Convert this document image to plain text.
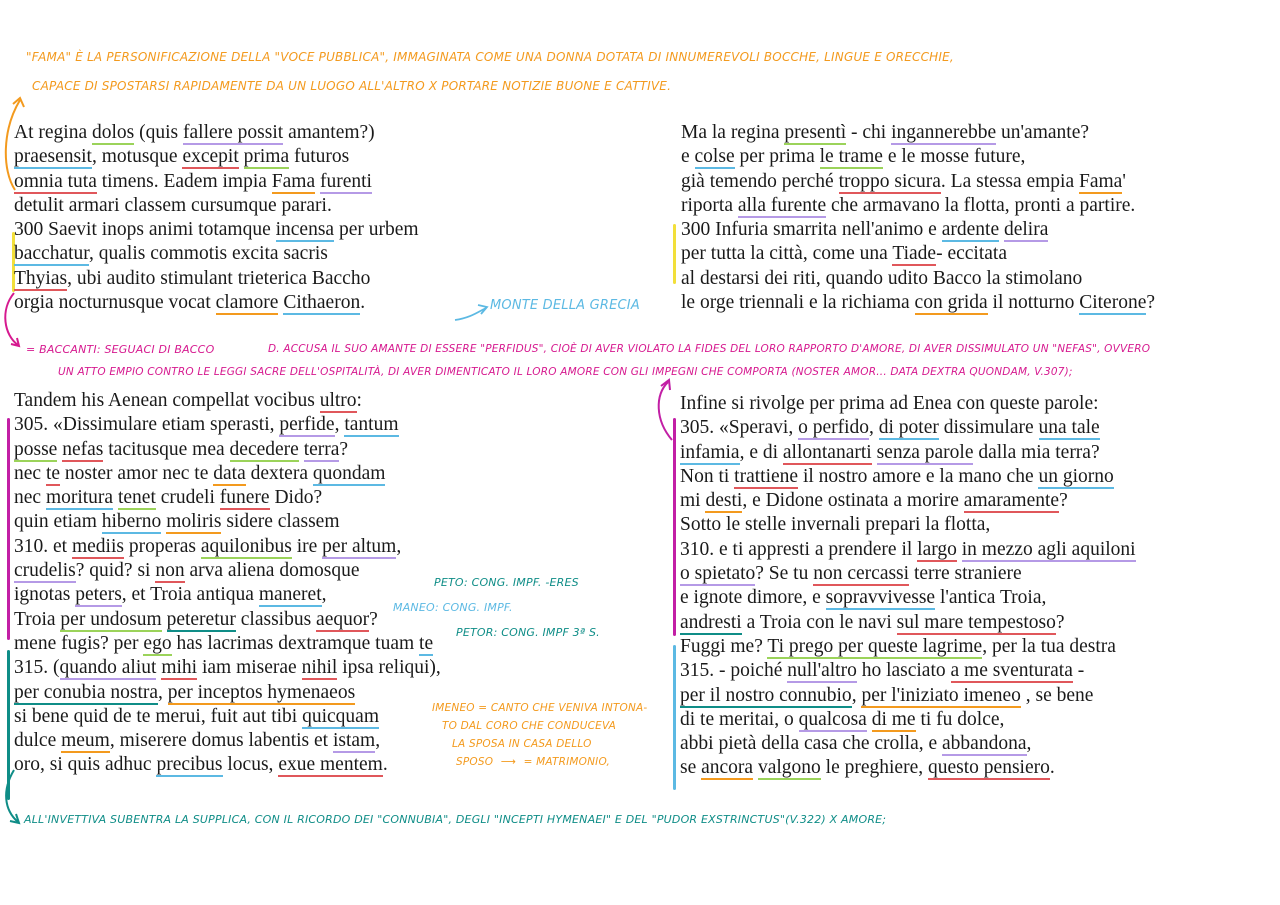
"FAMA" È LA PERSONIFICAZIONE DELLA "VOCE PUBBLICA", IMMAGINATA COME UNA DONNA DOTATA DI INNUMEREVOLI BOCCHE, LINGUE E ORECCHIE,
CAPACE DI SPOSTARSI RAPIDAMENTE DA UN LUOGO ALL'ALTRO X PORTARE NOTIZIE BUONE E CATTIVE.
At regina dolos (quis fallere possit amantem?)
praesensit, motusque excepit prima futuros
omnia tuta timens. Eadem impia Fama furenti
detulit armari classem cursumque parari.
300 Saevit inops animi totamque incensa per urbem
bacchatur, qualis commotis excita sacris
Thyias, ubi audito stimulant trieterica Baccho
orgia nocturnusque vocat clamore Cithaeron.
Ma la regina presentì - chi ingannerebbe un'amante?
e colse per prima le trame e le mosse future,
già temendo perché troppo sicura. La stessa empia Fama'
riporta alla furente che armavano la flotta, pronti a partire.
300 Infuria smarrita nell'animo e ardente delira
per tutta la città, come una Tiade- eccitata
al destarsi dei riti, quando udito Bacco la stimolano
le orge triennali e la richiama con grida il notturno Citerone?
MONTE DELLA GRECIA
= BACCANTI: SEGUACI DI BACCO	D. ACCUSA IL SUO AMANTE DI ESSERE "PERFIDUS", CIOÈ DI AVER VIOLATO LA FIDES DEL LORO RAPPORTO D'AMORE, DI AVER DISSIMULATO UN "NEFAS", OVVERO
UN ATTO EMPIO CONTRO LE LEGGI SACRE DELL'OSPITALITÀ, DI AVER DIMENTICATO IL LORO AMORE CON GLI IMPEGNI CHE COMPORTA (NOSTER AMOR... DATA DEXTRA QUONDAM, V.307);
Tandem his Aenean compellat vocibus ultro:
305. «Dissimulare etiam sperasti, perfide, tantum
posse nefas tacitusque mea decedere terra?
nec te noster amor nec te data dextera quondam
nec moritura tenet crudeli funere Dido?
quin etiam hiberno moliris sidere classem
310. et mediis properas aquilonibus ire per altum,
crudelis? quid? si non arva aliena domosque
ignotas peters, et Troia antiqua maneret,
Troia per undosum peteretur classibus aequor?
mene fugis? per ego has lacrimas dextramque tuam te
315. (quando aliut mihi iam miserae nihil ipsa reliqui),
per conubia nostra, per inceptos hymenaeos
si bene quid de te merui, fuit aut tibi quicquam
dulce meum, miserere domus labentis et istam,
oro, si quis adhuc precibus locus, exue mentem.
Infine si rivolge per prima ad Enea con queste parole:
305. «Speravi, o perfido, di poter dissimulare una tale
infamia, e di allontanarti senza parole dalla mia terra?
Non ti trattiene il nostro amore e la mano che un giorno
mi desti, e Didone ostinata a morire amaramente?
Sotto le stelle invernali prepari la flotta,
310. e ti appresti a prendere il largo in mezzo agli aquiloni
o spietato? Se tu non cercassi terre straniere
e ignote dimore, e sopravvivesse l'antica Troia,
andresti a Troia con le navi sul mare tempestoso?
Fuggi me? Ti prego per queste lagrime, per la tua destra
315. - poiché null'altro ho lasciato a me sventurata -
per il nostro connubio, per l'iniziato imeneo , se bene
di te meritai, o qualcosa di me ti fu dolce,
abbi pietà della casa che crolla, e abbandona,
se ancora valgono le preghiere, questo pensiero.
PETO: CONG. IMPF. -ERES
MANEO: CONG. IMPF.
PETOR: CONG. IMPF 3ª S.
IMENEO = CANTO CHE VENIVA INTONA-
TO DAL CORO CHE CONDUCEVA
LA SPOSA IN CASA DELLO
SPOSO ⟶ = MATRIMONIO,
ALL'INVETTIVA SUBENTRA LA SUPPLICA, CON IL RICORDO DEI "CONNUBIA", DEGLI "INCEPTI HYMENAEI" E DEL "PUDOR EXSTRINCTUS"(V.322) X AMORE;
